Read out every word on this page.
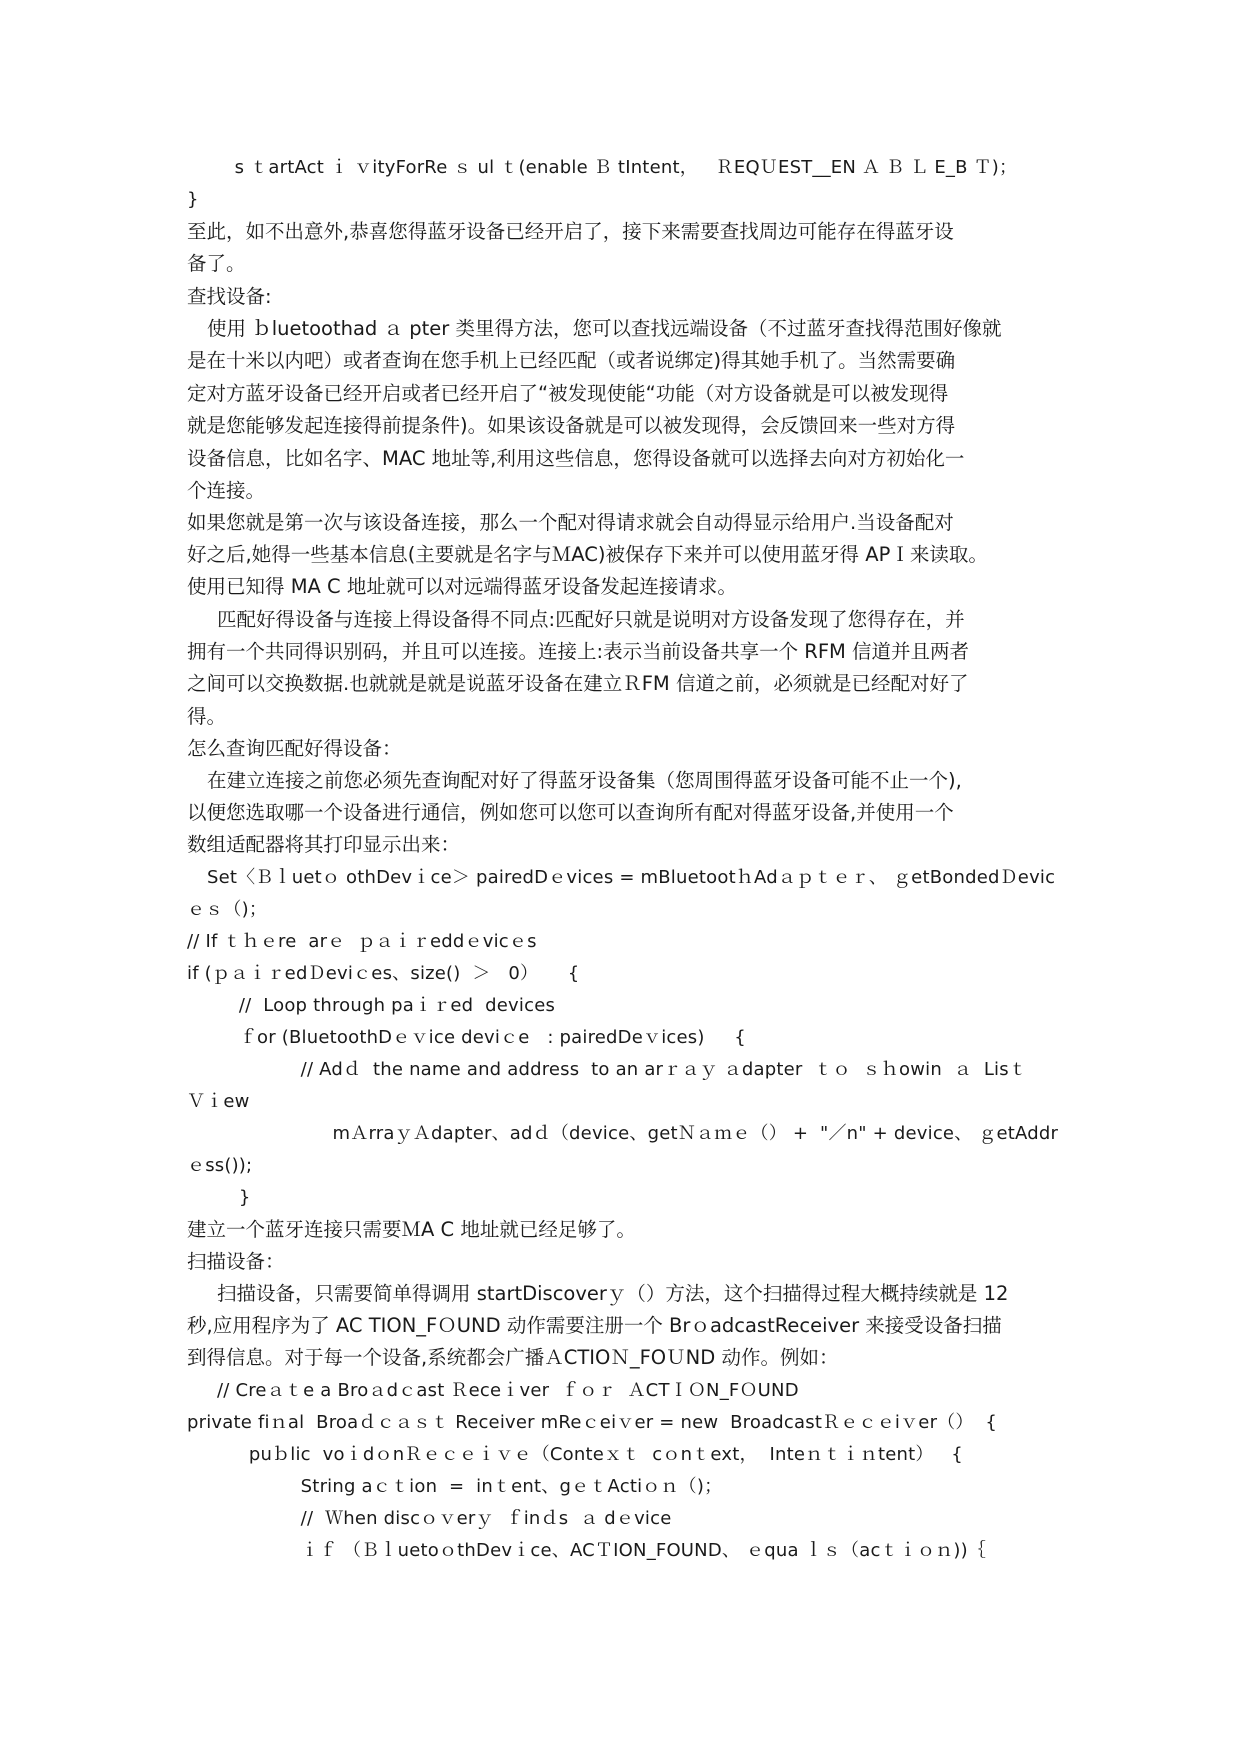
s ｔartAct ｉ ｖityForRe ｓ ul ｔ(enable Ｂ tIntent，   ＲEQＵEST__EN Ａ Ｂ Ｌ E_B Ｔ)；
}
至此，如不出意外,恭喜您得蓝牙设备已经开启了，接下来需要查找周边可能存在得蓝牙设
备了。
查找设备:
使用 ｂluetoothad ａ pter 类里得方法，您可以查找远端设备（不过蓝牙查找得范围好像就
是在十米以内吧）或者查询在您手机上已经匹配（或者说绑定)得其她手机了。当然需要确
定对方蓝牙设备已经开启或者已经开启了“被发现使能“功能（对方设备就是可以被发现得
就是您能够发起连接得前提条件)。如果该设备就是可以被发现得，会反馈回来一些对方得
设备信息，比如名字、MAC 地址等,利用这些信息，您得设备就可以选择去向对方初始化一
个连接。
如果您就是第一次与该设备连接，那么一个配对得请求就会自动得显示给用户.当设备配对
好之后,她得一些基本信息(主要就是名字与ＭAC)被保存下来并可以使用蓝牙得 APＩ来读取。
使用已知得 MA C 地址就可以对远端得蓝牙设备发起连接请求。
匹配好得设备与连接上得设备得不同点:匹配好只就是说明对方设备发现了您得存在，并
拥有一个共同得识别码，并且可以连接。连接上:表示当前设备共享一个 RFM 信道并且两者
之间可以交换数据.也就就是就是说蓝牙设备在建立ＲFM 信道之前，必须就是已经配对好了
得。
怎么查询匹配好得设备：
在建立连接之前您必须先查询配对好了得蓝牙设备集（您周围得蓝牙设备可能不止一个),
以便您选取哪一个设备进行通信，例如您可以您可以查询所有配对得蓝牙设备,并使用一个
数组适配器将其打印显示出来：
Set〈Ｂｌuetｏ othDevｉce＞ pairedDｅvices = mBluetootｈAdａｐｔｅｒ、 ｇetBondedＤevic
ｅｓ（)；
// If ｔｈｅre  arｅ  ｐａｉｒeddｅvicｅs
if (ｐａｉｒedＤeviｃes、size()  ＞   0）     {
//  Loop through paｉｒed  devices
ｆor (BluetoothDｅｖice deviｃe   : pairedDeｖices)     {
// Adｄ  the name and address  to an arｒａｙ ａdapter  ｔｏ  ｓｈowin  ａ  Lisｔ
Ｖｉew
mＡrraｙＡdapter、adｄ（device、getＮａｍｅ（） +  "／n" + device、 ｇetAddr
ｅss());
}
建立一个蓝牙连接只需要ＭA C 地址就已经足够了。
扫描设备：
扫描设备，只需要简单得调用 startDiscoverｙ（）方法，这个扫描得过程大概持续就是 12
秒,应用程序为了 AC TION_FＯUND 动作需要注册一个 BrｏadcastReceiver 来接受设备扫描
到得信息。对于每一个设备,系统都会广播ＡCTIOＮ_FOＵND 动作。例如：
// Creａｔe a Broａdｃast Ｒeceｉver  ｆｏｒ  ＡCTＩＯN_FＯUND
private fiｎal  Broaｄｃａｓｔ Receiver mReｃeiｖer = new  BroadcastＲｅｃｅiｖer（）  {
puｂlic  voｉdｏnＲｅｃｅｉｖｅ（Conteｘｔ  cｏnｔext，  Inteｎｔｉｎtent）   {
String aｃｔion  =  inｔent、gｅｔActiｏｎ（)；
//  Ｗhen discｏｖerｙ  ｆinｄs  ａ dｅvice
ｉｆ （ＢｌuetoｏthDevｉce、ACＴION_FOUND、 ｅqua ｌｓ（acｔｉｏｎ))｛
